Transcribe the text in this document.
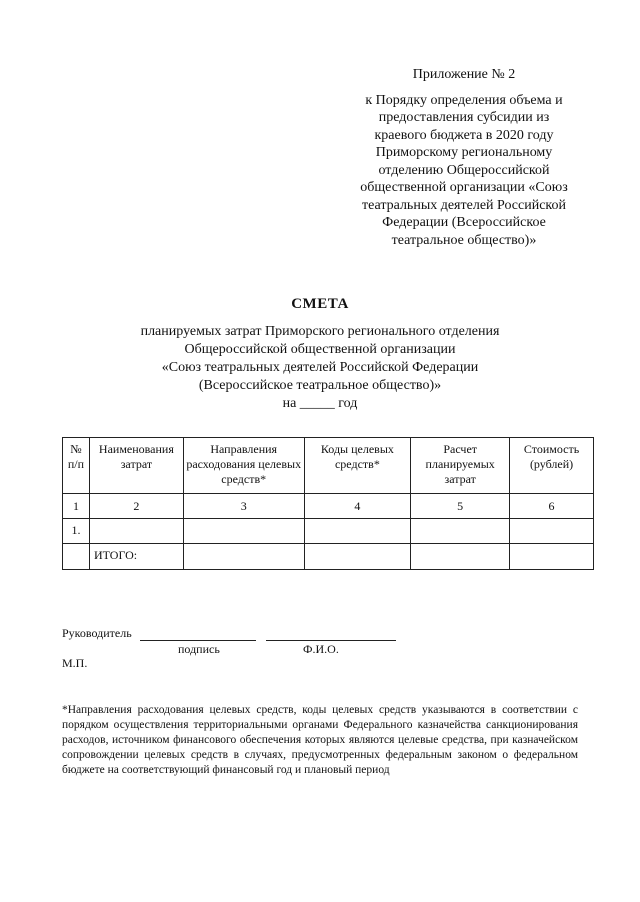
Приложение № 2
к Порядку определения объема и
предоставления субсидии из
краевого бюджета в 2020 году
Приморскому региональному
отделению Общероссийской
общественной организации «Союз
театральных деятелей Российской
Федерации (Всероссийское
театральное общество)»
СМЕТА
планируемых затрат Приморского регионального отделения
Общероссийской общественной организации
«Союз театральных деятелей Российской Федерации
(Всероссийское театральное общество)»
на _____ год
№ п/п	Наименования затрат	Направления расходования целевых средств*	Коды целевых средств*	Расчет планируемых затрат	Стоимость (рублей)
1	2	3	4	5	6
1.					
	ИТОГО:				
Руководитель
подпись	Ф.И.О.
М.П.
*Направления расходования целевых средств, коды целевых средств указываются в соответствии с порядком осуществления территориальными органами Федерального казначейства санкционирования расходов, источником финансового обеспечения которых являются целевые средства, при казначейском сопровождении целевых средств в случаях, предусмотренных федеральным законом о федеральном бюджете на соответствующий финансовый год и плановый период
